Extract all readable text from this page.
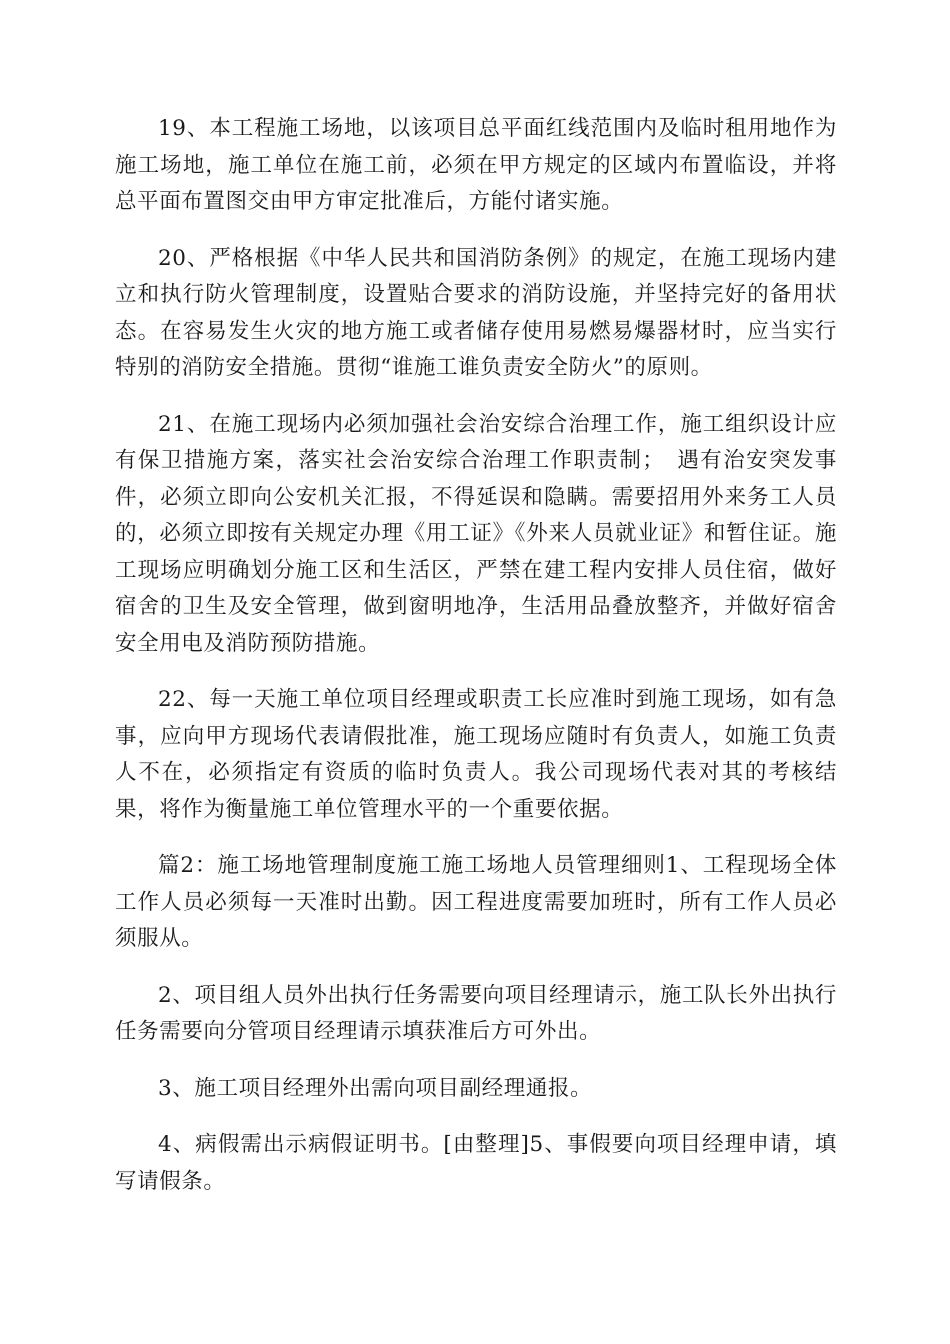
19、本工程施工场地，以该项目总平面红线范围内及临时租用地作为施工场地，施工单位在施工前，必须在甲方规定的区域内布置临设，并将总平面布置图交由甲方审定批准后，方能付诸实施。

20、严格根据《中华人民共和国消防条例》的规定，在施工现场内建立和执行防火管理制度，设置贴合要求的消防设施，并坚持完好的备用状态。在容易发生火灾的地方施工或者储存使用易燃易爆器材时，应当实行特别的消防安全措施。贯彻“谁施工谁负责安全防火”的原则。

21、在施工现场内必须加强社会治安综合治理工作，施工组织设计应有保卫措施方案，落实社会治安综合治理工作职责制；　遇有治安突发事件，必须立即向公安机关汇报，不得延误和隐瞒。需要招用外来务工人员的，必须立即按有关规定办理《用工证》《外来人员就业证》和暂住证。施工现场应明确划分施工区和生活区，严禁在建工程内安排人员住宿，做好宿舍的卫生及安全管理，做到窗明地净，生活用品叠放整齐，并做好宿舍安全用电及消防预防措施。

22、每一天施工单位项目经理或职责工长应准时到施工现场，如有急事，应向甲方现场代表请假批准，施工现场应随时有负责人，如施工负责人不在，必须指定有资质的临时负责人。我公司现场代表对其的考核结果，将作为衡量施工单位管理水平的一个重要依据。

篇2：施工场地管理制度施工施工场地人员管理细则1、工程现场全体工作人员必须每一天准时出勤。因工程进度需要加班时，所有工作人员必须服从。

2、项目组人员外出执行任务需要向项目经理请示，施工队长外出执行任务需要向分管项目经理请示填获准后方可外出。

3、施工项目经理外出需向项目副经理通报。

4、病假需出示病假证明书。[由整理]5、事假要向项目经理申请，填写请假条。
